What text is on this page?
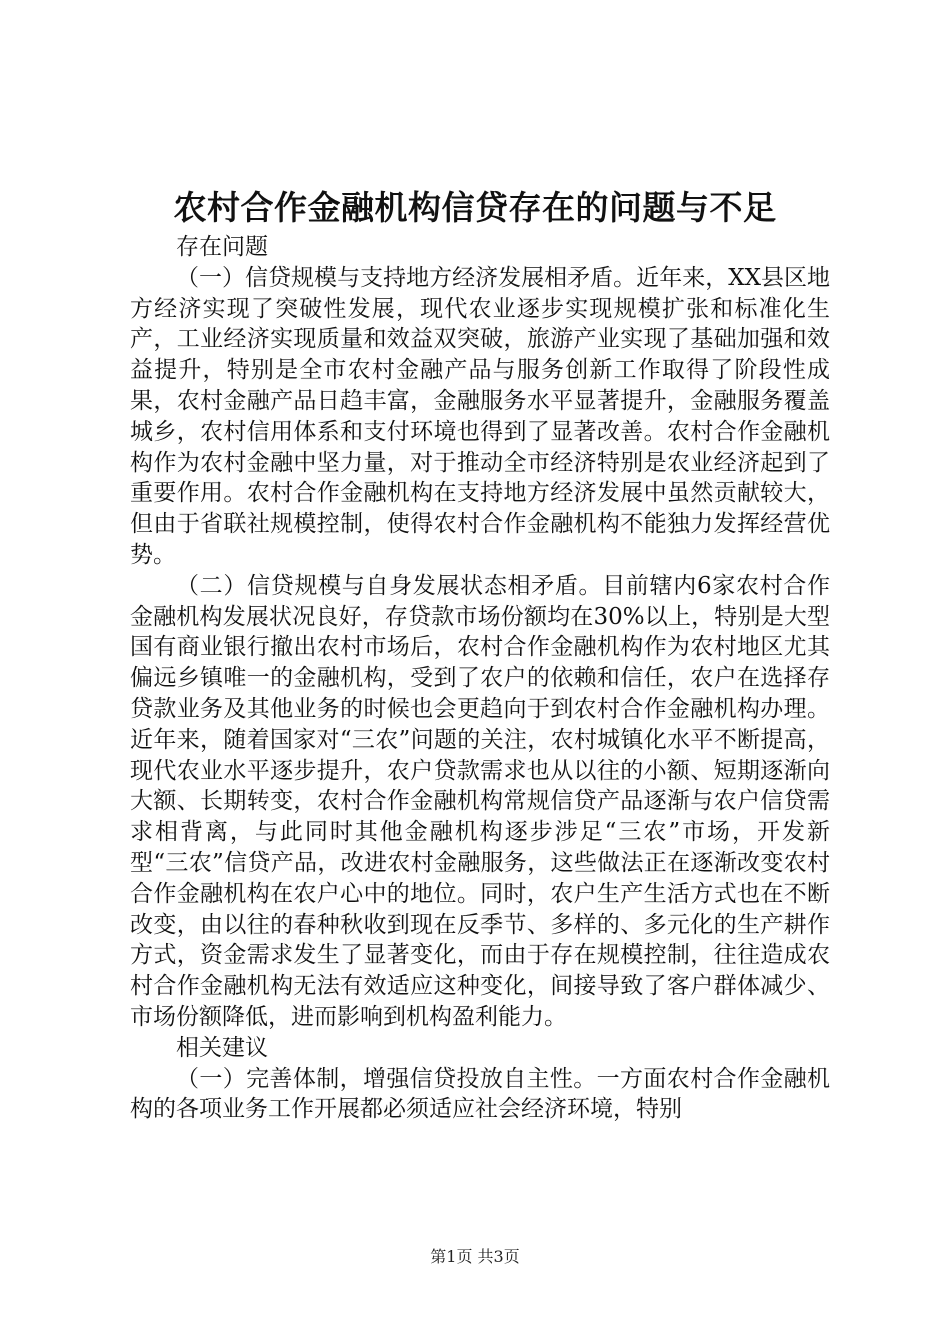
农村合作金融机构信贷存在的问题与不足

存在问题

（一）信贷规模与支持地方经济发展相矛盾。近年来，XX县区地方经济实现了突破性发展，现代农业逐步实现规模扩张和标准化生产，工业经济实现质量和效益双突破，旅游产业实现了基础加强和效益提升，特别是全市农村金融产品与服务创新工作取得了阶段性成果，农村金融产品日趋丰富，金融服务水平显著提升，金融服务覆盖城乡，农村信用体系和支付环境也得到了显著改善。农村合作金融机构作为农村金融中坚力量，对于推动全市经济特别是农业经济起到了重要作用。农村合作金融机构在支持地方经济发展中虽然贡献较大，但由于省联社规模控制，使得农村合作金融机构不能独力发挥经营优势。

（二）信贷规模与自身发展状态相矛盾。目前辖内6家农村合作金融机构发展状况良好，存贷款市场份额均在30%以上，特别是大型国有商业银行撤出农村市场后，农村合作金融机构作为农村地区尤其偏远乡镇唯一的金融机构，受到了农户的依赖和信任，农户在选择存贷款业务及其他业务的时候也会更趋向于到农村合作金融机构办理。近年来，随着国家对“三农”问题的关注，农村城镇化水平不断提高，现代农业水平逐步提升，农户贷款需求也从以往的小额、短期逐渐向大额、长期转变，农村合作金融机构常规信贷产品逐渐与农户信贷需求相背离，与此同时其他金融机构逐步涉足“三农”市场，开发新型“三农”信贷产品，改进农村金融服务，这些做法正在逐渐改变农村合作金融机构在农户心中的地位。同时，农户生产生活方式也在不断改变，由以往的春种秋收到现在反季节、多样的、多元化的生产耕作方式，资金需求发生了显著变化，而由于存在规模控制，往往造成农村合作金融机构无法有效适应这种变化，间接导致了客户群体减少、市场份额降低，进而影响到机构盈利能力。

相关建议

（一）完善体制，增强信贷投放自主性。一方面农村合作金融机构的各项业务工作开展都必须适应社会经济环境，特别

第1页 共3页
